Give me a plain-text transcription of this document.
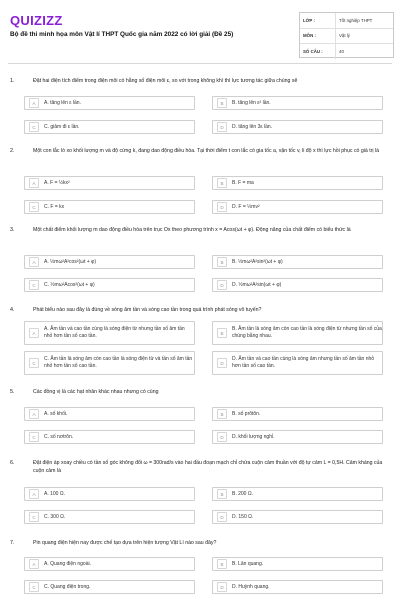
QUIZIZZ
Bộ đề thi minh họa môn Vật lí THPT Quốc gia năm 2022 có lời giải (Đề 25)
LỚP :	Tốt nghiệp THPT
MÔN :	Vật lý
SỐ CÂU :	40
1.	Đặt hai điện tích điểm trong điện môi có hằng số điện môi ε, so với trong không khí thì lực tương tác giữa chúng sẽ
A	A. tăng lên ε lần.	B	B. tăng lên ε² lần.
C	C. giảm đi ε lần.	D	D. tăng lên 3ε lần.
2.	Một con lắc lò xo khối lượng m và độ cứng k, đang dao động điều hòa. Tại thời điểm t con lắc có gia tốc a, vận tốc v, li độ x thì lực hồi phục có giá trị là
A	A. F = ½kx²	B	B. F = ma
C	C. F = kx	D	D. F = ½mv²
3.	Một chất điểm khối lượng m dao động điều hòa trên trục Ox theo phương trình x = Acos(ωt + φ). Động năng của chất điểm có biểu thức là
A	A. ½mω²A²cos²(ωt + φ)	B	B. ½mω²A²sin²(ωt + φ)
C	C. ½mω²Acos²(ωt + φ)	D	D. ½mω²A²sin(ωt + φ)
4.	Phát biểu nào sau đây là đúng về sóng âm tần và sóng cao tần trong quá trình phát sóng vô tuyến?
A
A. Âm tần và cao tần cùng là sóng điện từ nhưng tần số âm tần nhỏ hơn tần số cao tần.	B
B. Âm tần là sóng âm còn cao tần là sóng điện từ nhưng tần số của chúng bằng nhau.
C
C. Âm tần là sóng âm còn cao tần là sóng điện từ và tần số âm tần nhỏ hơn tần số cao tần.	D
D. Âm tần và cao tần cùng là sóng âm nhưng tần số âm tần nhỏ hơn tần số cao tần.
5.	Các đồng vị là các hạt nhân khác nhau nhưng có cùng
A	A. số khối.	B	B. số prôtôn.
C	C. số nơtrôn.	D	D. khối lượng nghỉ.
6.	Đặt điện áp xoay chiều có tần số góc không đổi ω = 300rad/s vào hai đầu đoạn mạch chỉ chứa cuộn cảm thuần với độ tự cảm L = 0,5H. Cảm kháng của cuộn cảm là
A	A. 100 Ω.	B	B. 200 Ω.
C	C. 300 Ω.	D	D. 150 Ω.
7.	Pin quang điện hiện nay được chế tạo dựa trên hiện tượng Vật Lí nào sau đây?
A	A. Quang điện ngoài.	B	B. Lân quang.
C	C. Quang điện trong.	D	D. Huỳnh quang.
